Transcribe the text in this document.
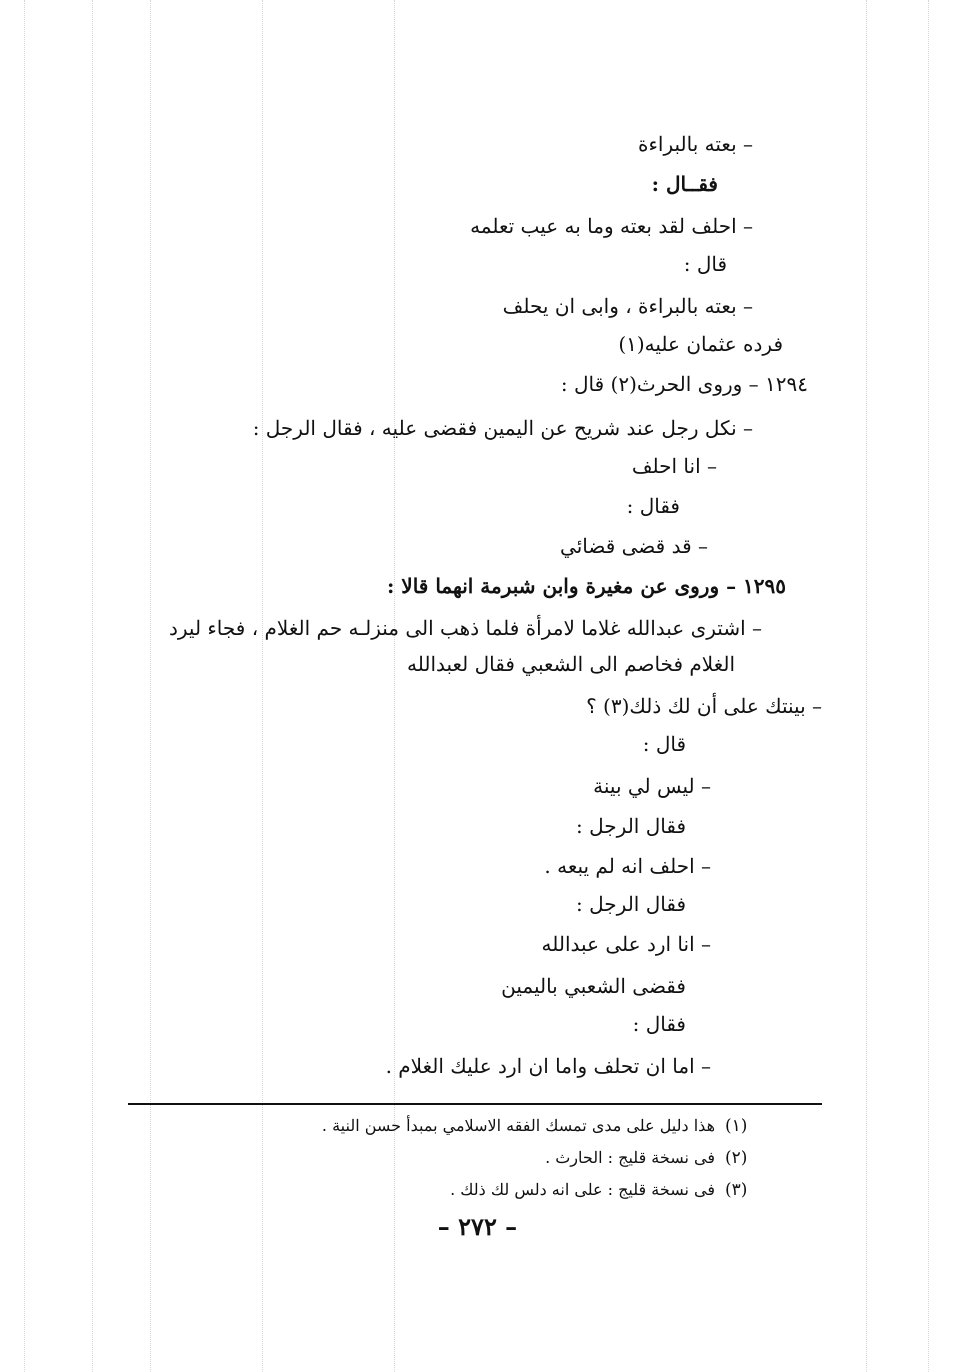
– بعته بالبراءة
فقــال :
– احلف لقد بعته وما به عيب تعلمه
قال :
– بعته بالبراءة ، وابى ان يحلف
فرده عثمان عليه(١)
١٢٩٤ – وروى الحرث(٢) قال :
– نكل رجل عند شريح عن اليمين فقضى عليه ، فقال الرجل :
– انا احلف
فقال :
– قد قضى قضائي
١٢٩٥ – وروى عن مغيرة وابن شبرمة انهما قالا :
– اشترى عبدالله غلاما لامرأة فلما ذهب الى منزلـه حم الغلام ، فجاء ليرد
الغلام فخاصم الى الشعبي فقال لعبدالله
– بينتك على أن لك ذلك(٣) ؟
قال :
– ليس لي بينة
فقال الرجل :
– احلف انه لم يبعه .
فقال الرجل :
– انا ارد على عبدالله
فقضى الشعبي باليمين
فقال :
– اما ان تحلف واما ان ارد عليك الغلام .
(١)
هذا دليل على مدى تمسك الفقه الاسلامي بمبدأ حسن النية .
(٢)
فى نسخة قليج : الحارث .
(٣)
فى نسخة قليج : على انه دلس لك ذلك .
– ٢٧٢ –
